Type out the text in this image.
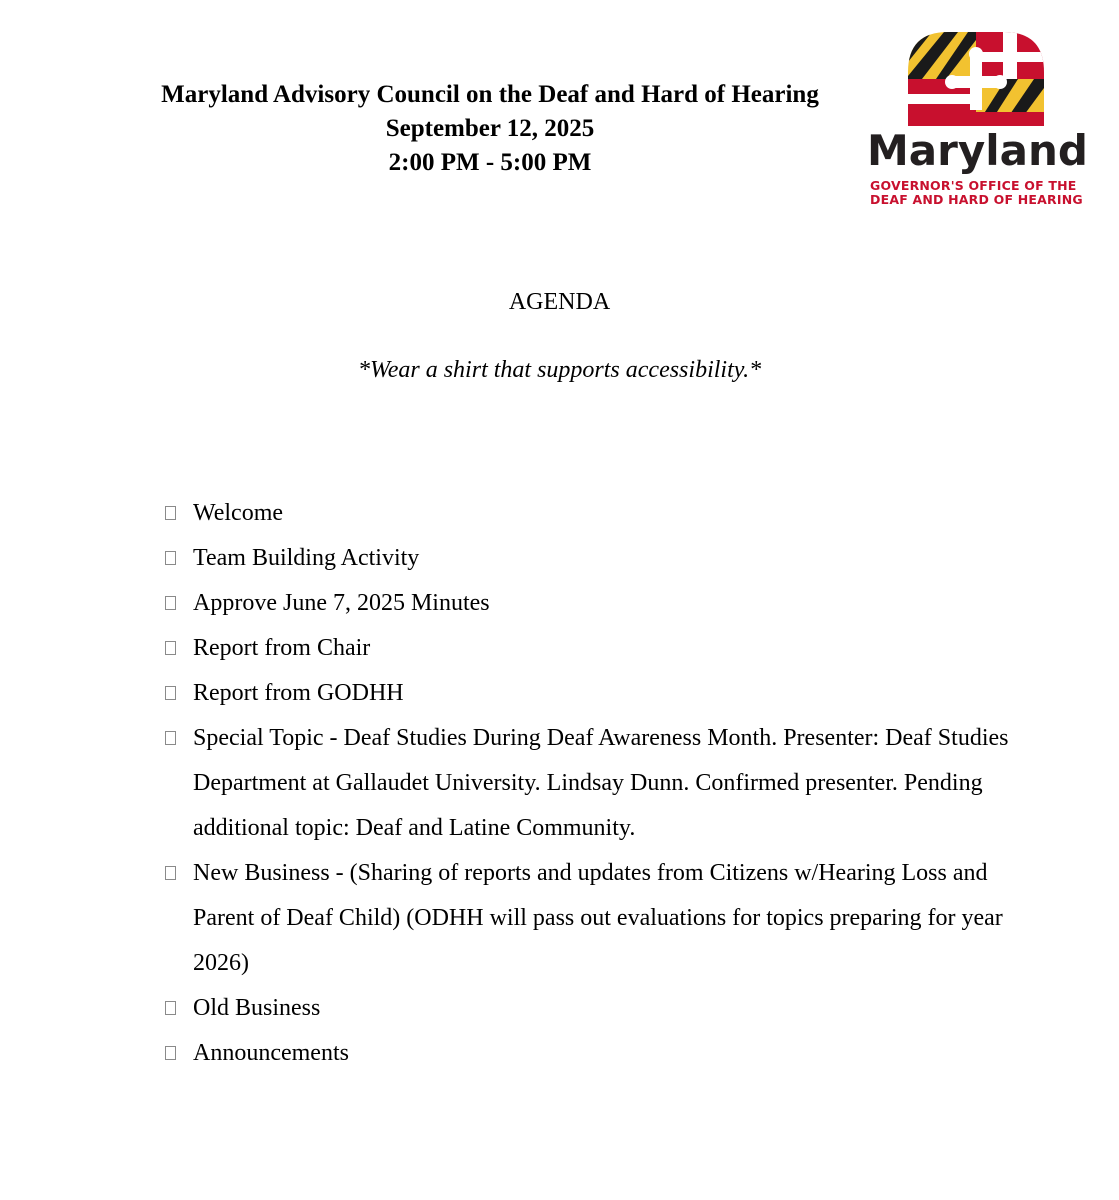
Maryland Advisory Council on the Deaf and Hard of Hearing
September 12, 2025
2:00 PM - 5:00 PM	Maryland
GOVERNOR'S OFFICE OF THE
DEAF AND HARD OF HEARING
AGENDA
*Wear a shirt that supports accessibility.*
Welcome
Team Building Activity
Approve June 7, 2025 Minutes
Report from Chair
Report from GODHH
Special Topic - Deaf Studies During Deaf Awareness Month. Presenter: Deaf Studies Department at Gallaudet University. Lindsay Dunn. Confirmed presenter. Pending additional topic: Deaf and Latine Community.
New Business - (Sharing of reports and updates from Citizens w/Hearing Loss and Parent of Deaf Child) (ODHH will pass out evaluations for topics preparing for year 2026)
Old Business
Announcements
